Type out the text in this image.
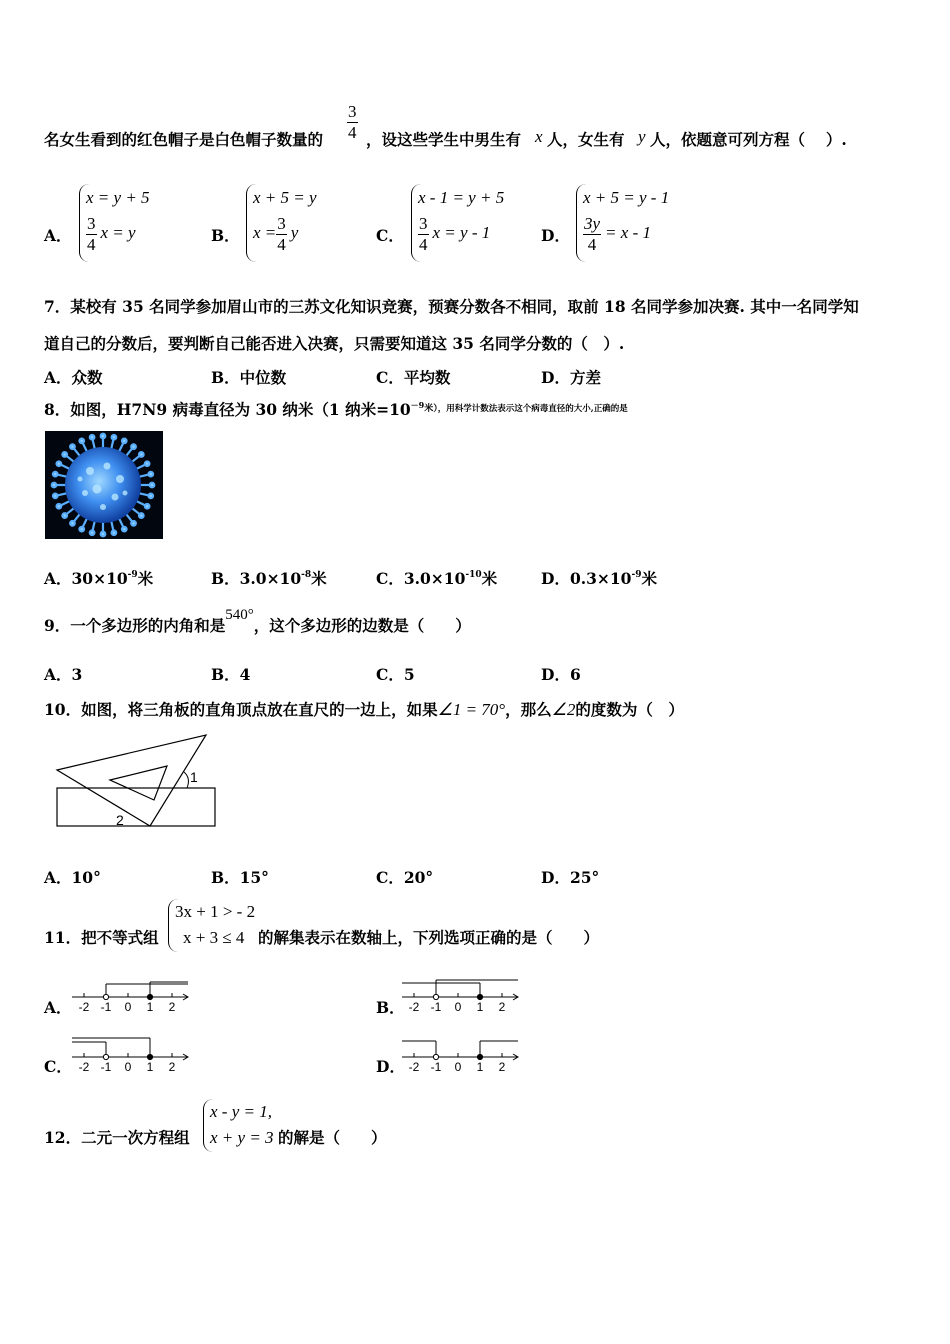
名女生看到的红色帽子是白色帽子数量的 $\frac{3}{4}$ ，设这些学生中男生有 x 人，女生有 y 人，依题意可列方程（　 ）.
A．
x = y + 5
$\frac{3}{4}$ x = y	B．
x + 5 = y
$x = \frac{3}{4}$ y	C．
x - 1 = y + 5
$\frac{3}{4}$ x = y - 1	D．
x + 5 = y - 1
$\frac{3y}{4} = x - 1$
7．某校有 35 名同学参加眉山市的三苏文化知识竞赛，预赛分数各不相同，取前 18 名同学参加决赛. 其中一名同学知
道自己的分数后，要判断自己能否进入决赛，只需要知道这 35 名同学分数的（　）.
A．众数	B．中位数	C．平均数	D．方差
8．如图，H7N9 病毒直径为 30 纳米（1 纳米$=10^{-9米),用科学计数法表示这个病毒直径的大小,正确的是}$
A．$30\times 10^{-9}$米	B．$3.0\times 10^{-8}$米	C．$3.0\times 10^{-10}$米	D．$0.3\times 10^{-9}$米
9．一个多边形的内角和是540°，这个多边形的边数是（　　）
A．3	B．4	C．5	D．6
10．如图，将三角板的直角顶点放在直尺的一边上，如果∠1 = 70°，那么∠2的度数为（　）
1
2
A．10°	B．15°	C．20°	D．25°
11．把不等式组
3x + 1 > - 2
x + 3 ≤ 4 的解集表示在数轴上，下列选项正确的是（　　）
A．	B．
C．	D．
-2 -1 0 1 2	-2 -1 0 1 2
-2 -1 0 1 2	-2 -1 0 1 2
12．二元一次方程组
x - y = 1,
x + y = 3 的解是（　　）
